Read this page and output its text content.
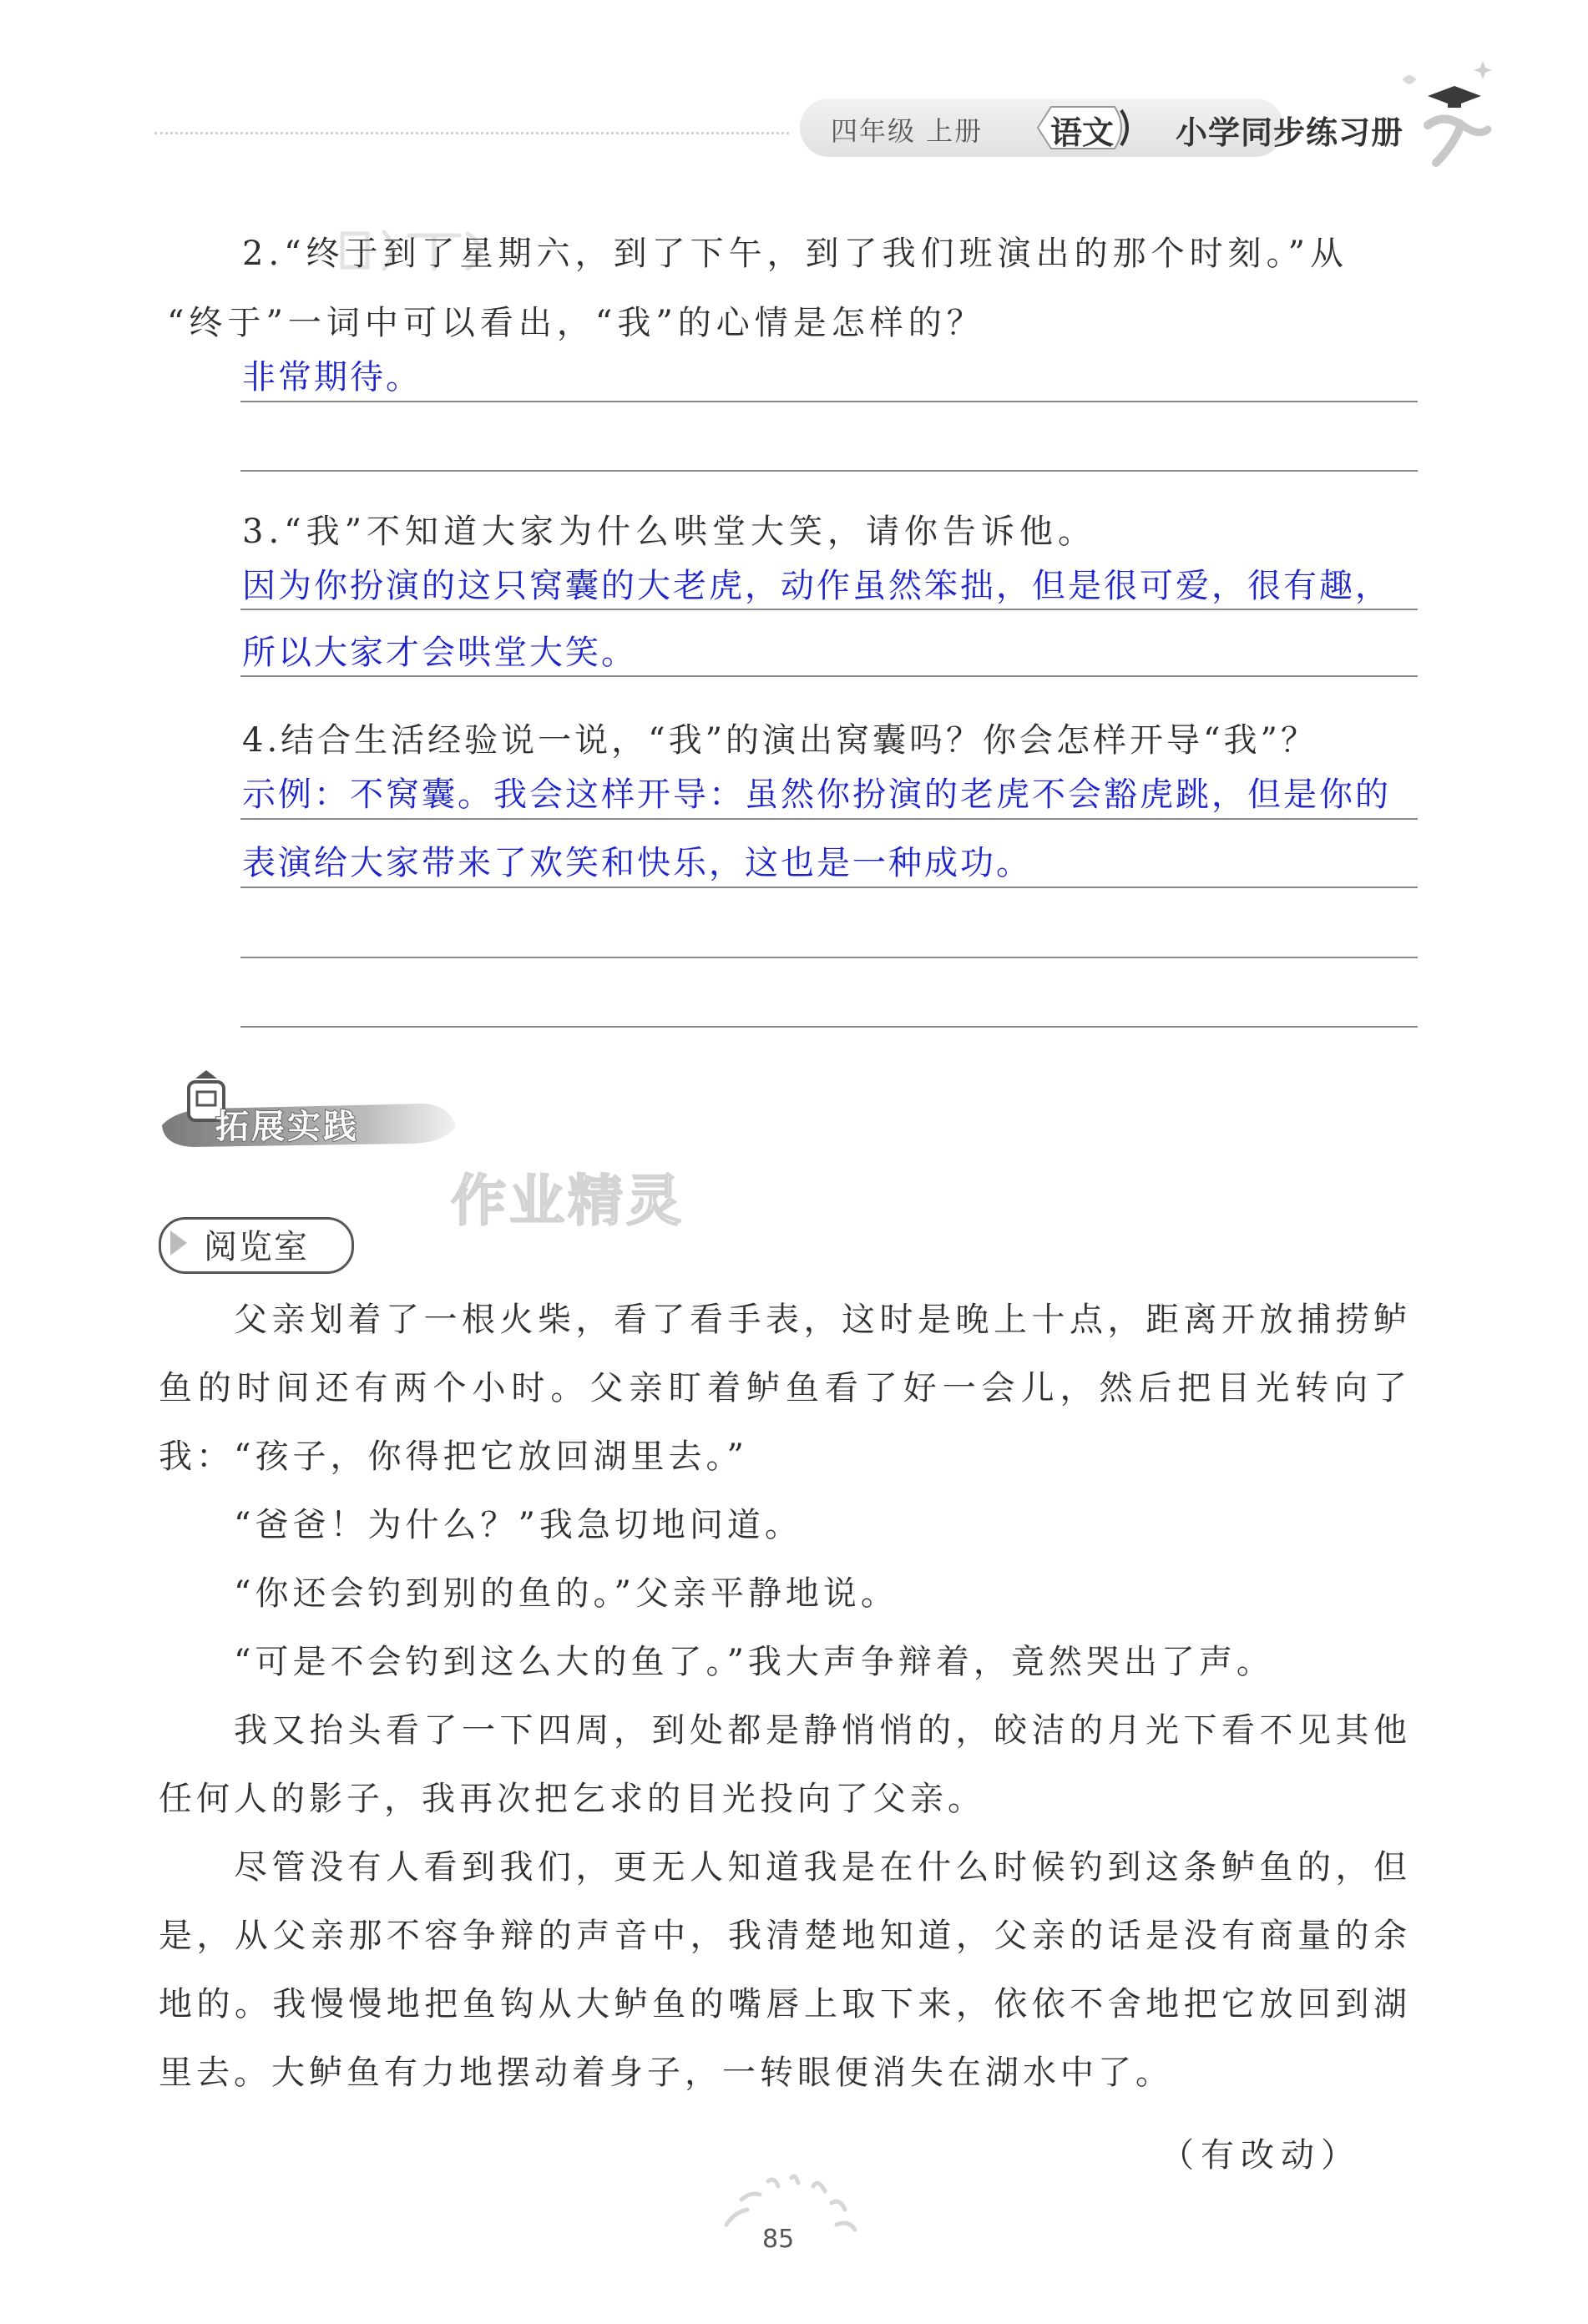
四年级 上册 语文 小学同步练习册
2.“终于到了星期六，到了下午，到了我们班演出的那个时刻。”从
“终于”一词中可以看出，“我”的心情是怎样的？
非常期待。
3.“我”不知道大家为什么哄堂大笑，请你告诉他。
因为你扮演的这只窝囊的大老虎，动作虽然笨拙，但是很可爱，很有趣，
所以大家才会哄堂大笑。
4.结合生活经验说一说，“我”的演出窝囊吗？你会怎样开导“我”？
示例：不窝囊。我会这样开导：虽然你扮演的老虎不会豁虎跳，但是你的
表演给大家带来了欢笑和快乐，这也是一种成功。
拓展实践
作业精灵
阅览室

父亲划着了一根火柴，看了看手表，这时是晚上十点，距离开放捕捞鲈鱼的时间还有两个小时。父亲盯着鲈鱼看了好一会儿，然后把目光转向了我：“孩子，你得把它放回湖里去。”

“爸爸！为什么？”我急切地问道。

“你还会钓到别的鱼的。”父亲平静地说。

“可是不会钓到这么大的鱼了。”我大声争辩着，竟然哭出了声。

我又抬头看了一下四周，到处都是静悄悄的，皎洁的月光下看不见其他任何人的影子，我再次把乞求的目光投向了父亲。

尽管没有人看到我们，更无人知道我是在什么时候钓到这条鲈鱼的，但是，从父亲那不容争辩的声音中，我清楚地知道，父亲的话是没有商量的余地的。我慢慢地把鱼钩从大鲈鱼的嘴唇上取下来，依依不舍地把它放回到湖里去。大鲈鱼有力地摆动着身子，一转眼便消失在湖水中了。

（有改动）
85
